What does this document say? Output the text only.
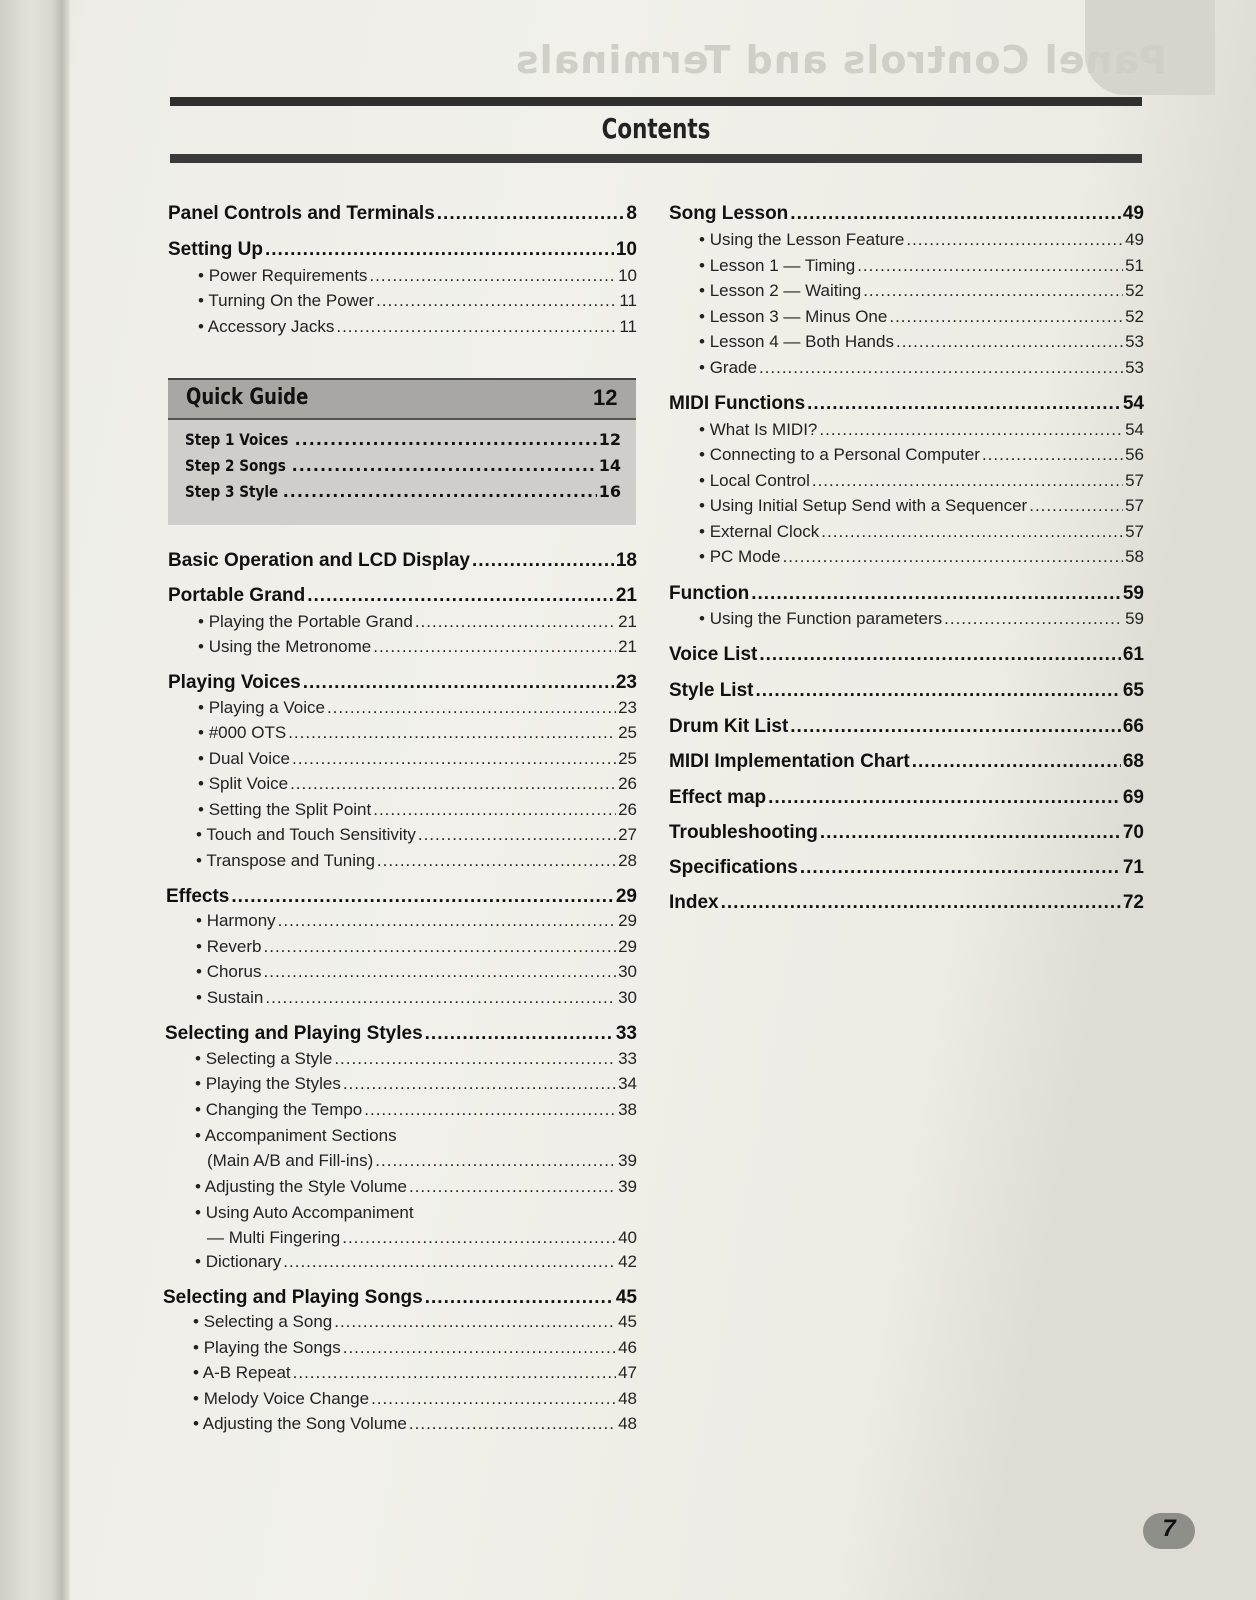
Panel Controls and Terminals
Contents
Quick Guide	12
Panel Controls and Terminals .....	8
Setting Up .....	10
• Power Requirements .....	10
• Turning On the Power .....	11
• Accessory Jacks .....	11
Basic Operation and LCD Display .....	18
Portable Grand .....	21
• Playing the Portable Grand .....	21
• Using the Metronome .....	21
Playing Voices .....	23
• Playing a Voice .....	23
• #000 OTS .....	25
• Dual Voice .....	25
• Split Voice .....	26
• Setting the Split Point .....	26
• Touch and Touch Sensitivity .....	27
• Transpose and Tuning .....	28
Effects .....	29
• Harmony .....	29
• Reverb .....	29
• Chorus .....	30
• Sustain .....	30
Selecting and Playing Styles .....	33
• Selecting a Style .....	33
• Playing the Styles .....	34
• Changing the Tempo .....	38
• Accompaniment Sections
(Main A/B and Fill-ins) .....	39
• Adjusting the Style Volume .....	39
• Using Auto Accompaniment
— Multi Fingering .....	40
• Dictionary .....	42
Selecting and Playing Songs .....	45
• Selecting a Song .....	45
• Playing the Songs .....	46
• A-B Repeat .....	47
• Melody Voice Change .....	48
• Adjusting the Song Volume .....	48
Step 1 Voices .....	12
Step 2 Songs .....	14
Step 3 Style .....	16
Song Lesson .....	49
• Using the Lesson Feature .....	49
• Lesson 1 — Timing .....	51
• Lesson 2 — Waiting .....	52
• Lesson 3 — Minus One .....	52
• Lesson 4 — Both Hands .....	53
• Grade .....	53
MIDI Functions .....	54
• What Is MIDI? .....	54
• Connecting to a Personal Computer .....	56
• Local Control .....	57
• Using Initial Setup Send with a Sequencer .....	57
• External Clock .....	57
• PC Mode .....	58
Function .....	59
• Using the Function parameters .....	59
Voice List .....	61
Style List .....	65
Drum Kit List .....	66
MIDI Implementation Chart .....	68
Effect map .....	69
Troubleshooting .....	70
Specifications .....	71
Index .....	72
7
